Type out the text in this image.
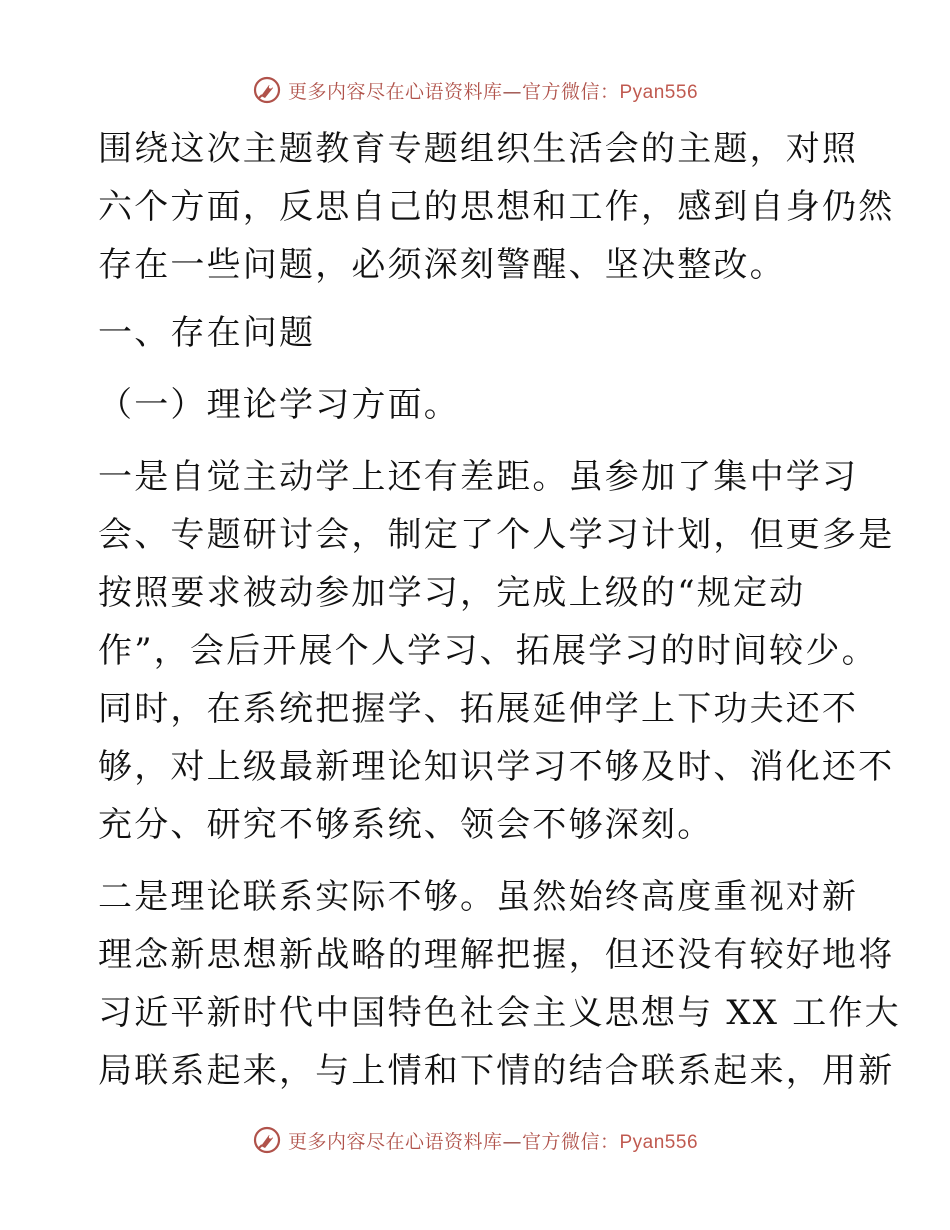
更多内容尽在心语资料库—官方微信：Pyan556

围绕这次主题教育专题组织生活会的主题，对照
六个方面，反思自己的思想和工作，感到自身仍然
存在一些问题，必须深刻警醒、坚决整改。

一、存在问题

（一）理论学习方面。

一是自觉主动学上还有差距。虽参加了集中学习
会、专题研讨会，制定了个人学习计划，但更多是
按照要求被动参加学习，完成上级的“规定动
作”，会后开展个人学习、拓展学习的时间较少。
同时，在系统把握学、拓展延伸学上下功夫还不
够，对上级最新理论知识学习不够及时、消化还不
充分、研究不够系统、领会不够深刻。

二是理论联系实际不够。虽然始终高度重视对新
理念新思想新战略的理解把握，但还没有较好地将
习近平新时代中国特色社会主义思想与 XX 工作大
局联系起来，与上情和下情的结合联系起来，用新

更多内容尽在心语资料库—官方微信：Pyan556
